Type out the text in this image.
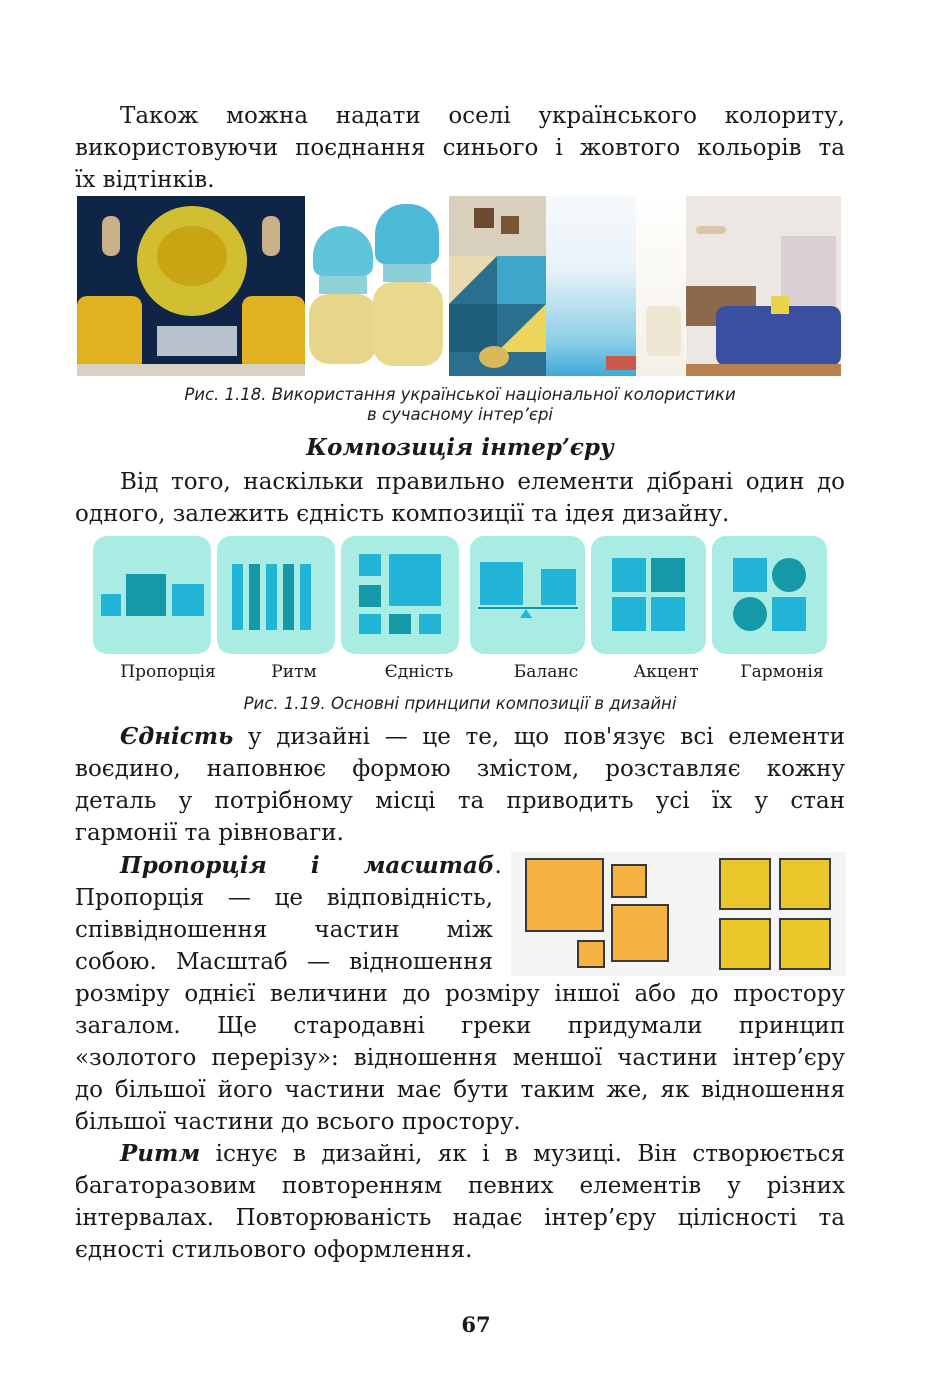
Також можна надати оселі українського колориту,
використовуючи поєднання синього і жовтого кольорів та
їх відтінків.
Рис. 1.18. Використання української національної колористики
в сучасному інтер’єрі
Композиція інтер’єру
Від того, наскільки правильно елементи дібрані один до
одного, залежить єдність композиції та ідея дизайну.
Пропорція	Ритм	Єдність	Баланс	Акцент	Гармонія
Рис. 1.19. Основні принципи композиції в дизайні
Єдність у дизайні — це те, що пов'язує всі елементи
воєдино, наповнює формою змістом, розставляє кожну
деталь у потрібному місці та приводить усі їх у стан
гармонії та рівноваги.
Пропорція і масштаб.
Пропорція — це відповідність,
співвідношення частин між
собою. Масштаб — відношення
розміру однієї величини до розміру іншої або до простору
загалом. Ще стародавні греки придумали принцип
«золотого перерізу»: відношення меншої частини інтер’єру
до більшої його частини має бути таким же, як відношення
більшої частини до всього простору.
Ритм існує в дизайні, як і в музиці. Він створюється
багаторазовим повторенням певних елементів у різних
інтервалах. Повторюваність надає інтер’єру цілісності та
єдності стильового оформлення.
67
